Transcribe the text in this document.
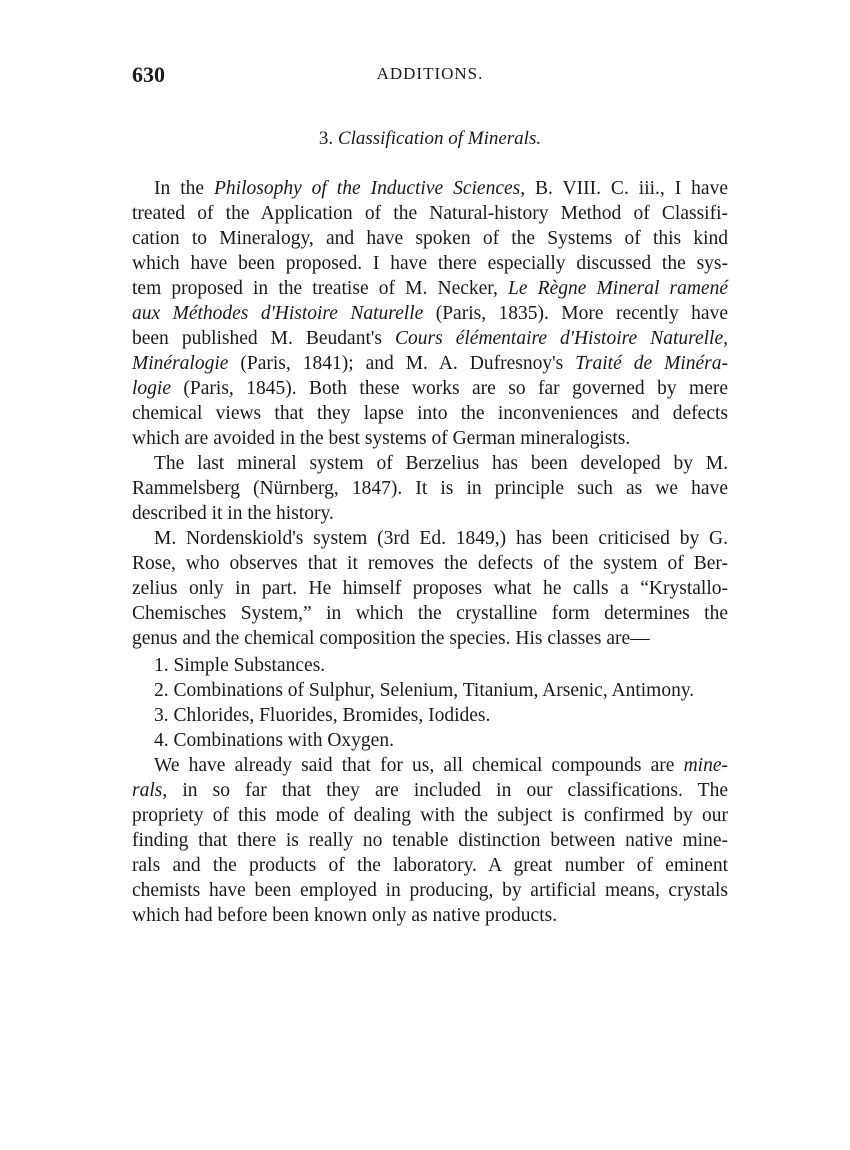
630	ADDITIONS.
3. Classification of Minerals.
In the Philosophy of the Inductive Sciences, B. VIII. C. iii., I have
treated of the Application of the Natural-history Method of Classifi-
cation to Mineralogy, and have spoken of the Systems of this kind
which have been proposed. I have there especially discussed the sys-
tem proposed in the treatise of M. Necker, Le Règne Mineral ramené
aux Méthodes d'Histoire Naturelle (Paris, 1835). More recently have
been published M. Beudant's Cours élémentaire d'Histoire Naturelle,
Minéralogie (Paris, 1841); and M. A. Dufresnoy's Traité de Minéra-
logie (Paris, 1845). Both these works are so far governed by mere
chemical views that they lapse into the inconveniences and defects
which are avoided in the best systems of German mineralogists.
The last mineral system of Berzelius has been developed by M.
Rammelsberg (Nürnberg, 1847). It is in principle such as we have
described it in the history.
M. Nordenskiold's system (3rd Ed. 1849,) has been criticised by G.
Rose, who observes that it removes the defects of the system of Ber-
zelius only in part. He himself proposes what he calls a “Krystallo-
Chemisches System,” in which the crystalline form determines the
genus and the chemical composition the species. His classes are—
1. Simple Substances.
2. Combinations of Sulphur, Selenium, Titanium, Arsenic, Antimony.
3. Chlorides, Fluorides, Bromides, Iodides.
4. Combinations with Oxygen.
We have already said that for us, all chemical compounds are mine-
rals, in so far that they are included in our classifications. The
propriety of this mode of dealing with the subject is confirmed by our
finding that there is really no tenable distinction between native mine-
rals and the products of the laboratory. A great number of eminent
chemists have been employed in producing, by artificial means, crystals
which had before been known only as native products.
